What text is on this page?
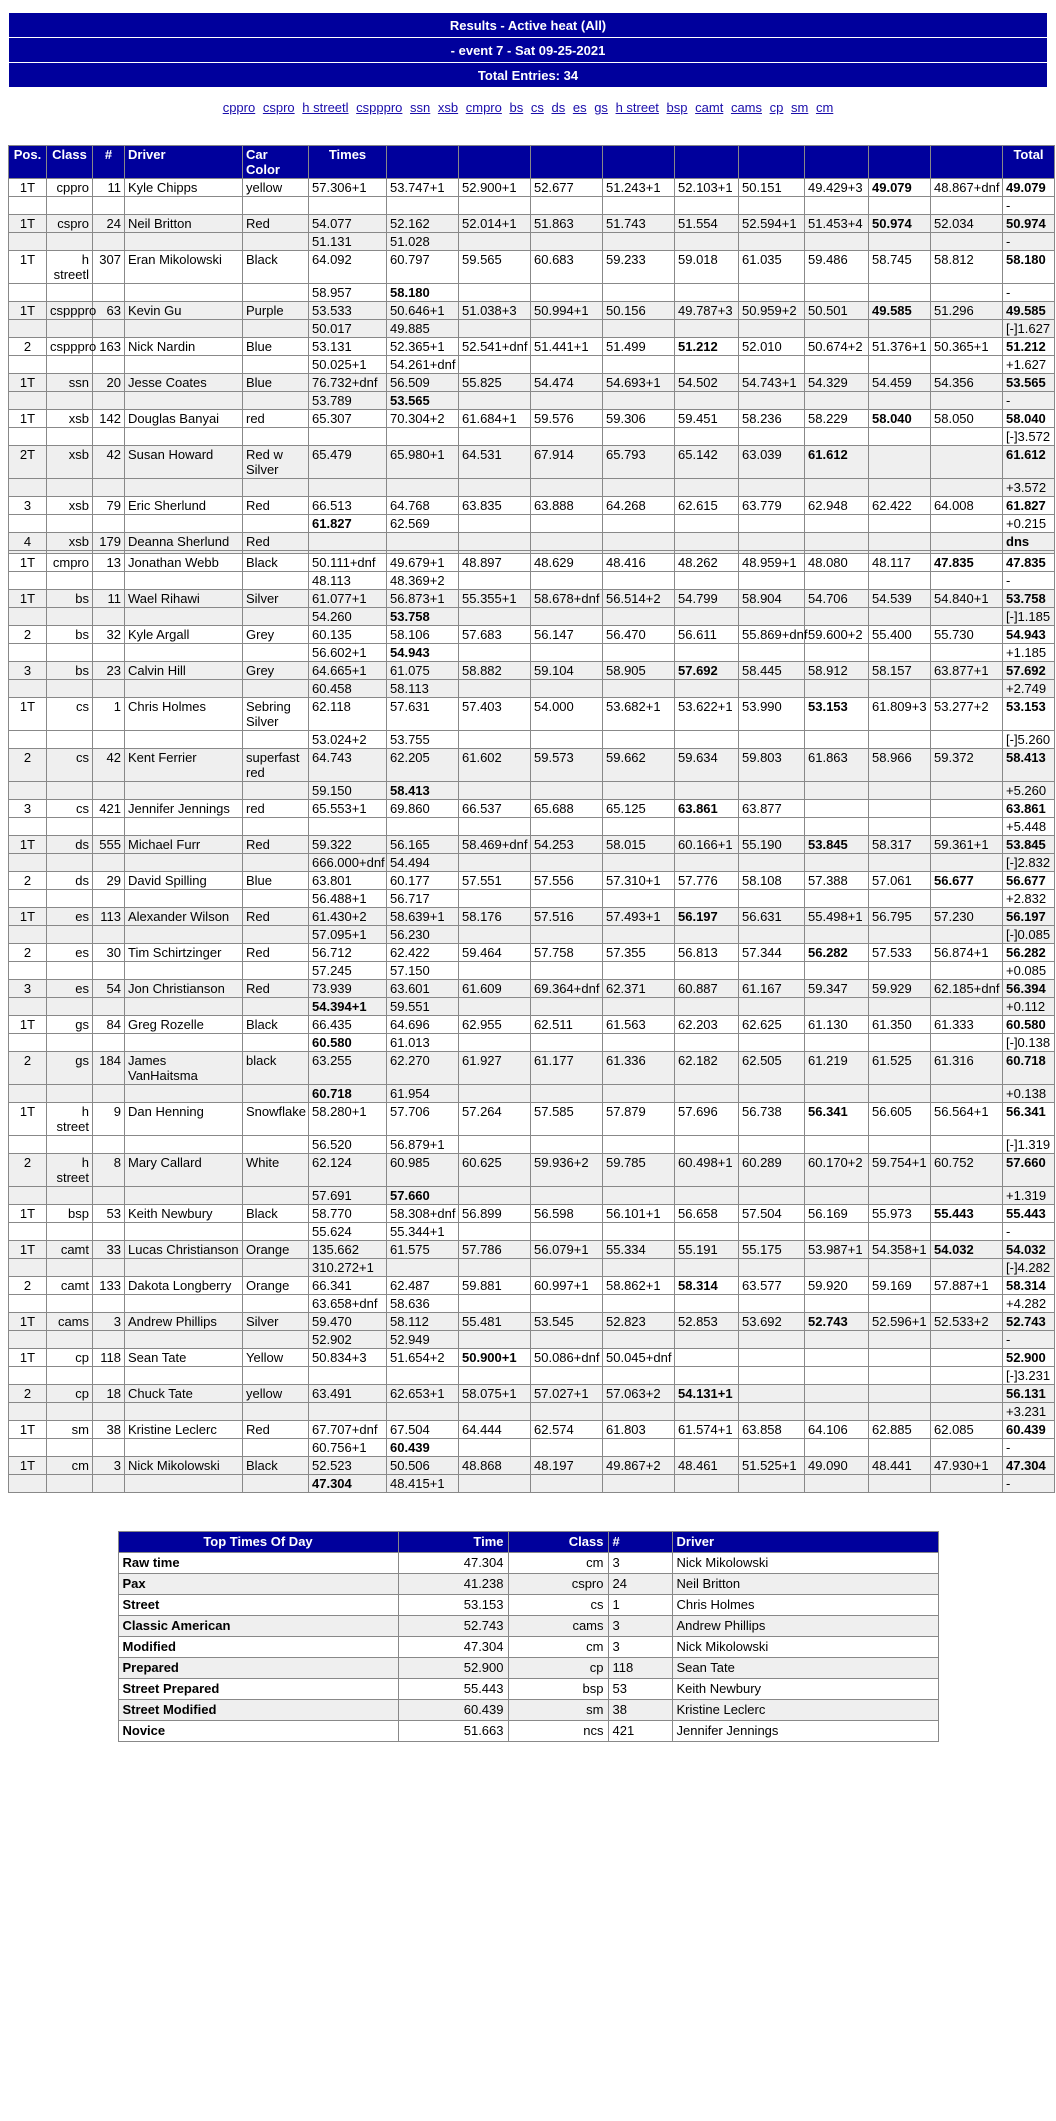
Results - Active heat (All)
- event 7 - Sat 09-25-2021
Total Entries: 34
cppro cspro h streetl cspppro ssn xsb cmpro bs cs ds es gs h street bsp camt cams cp sm cm
Pos.	Class	#	Driver	Car Color	Times										Total
1T	cppro	11	Kyle Chipps	yellow	57.306+1	53.747+1	52.900+1	52.677	51.243+1	52.103+1	50.151	49.429+3	49.079	48.867+dnf	49.079
															-
1T	cspro	24	Neil Britton	Red	54.077	52.162	52.014+1	51.863	51.743	51.554	52.594+1	51.453+4	50.974	52.034	50.974
					51.131	51.028									-
1T	h streetl	307	Eran Mikolowski	Black	64.092	60.797	59.565	60.683	59.233	59.018	61.035	59.486	58.745	58.812	58.180
					58.957	58.180									-
1T	cspppro	63	Kevin Gu	Purple	53.533	50.646+1	51.038+3	50.994+1	50.156	49.787+3	50.959+2	50.501	49.585	51.296	49.585
					50.017	49.885									[-]1.627
2	cspppro	163	Nick Nardin	Blue	53.131	52.365+1	52.541+dnf	51.441+1	51.499	51.212	52.010	50.674+2	51.376+1	50.365+1	51.212
					50.025+1	54.261+dnf									+1.627
1T	ssn	20	Jesse Coates	Blue	76.732+dnf	56.509	55.825	54.474	54.693+1	54.502	54.743+1	54.329	54.459	54.356	53.565
					53.789	53.565									-
1T	xsb	142	Douglas Banyai	red	65.307	70.304+2	61.684+1	59.576	59.306	59.451	58.236	58.229	58.040	58.050	58.040
															[-]3.572
2T	xsb	42	Susan Howard	Red w Silver	65.479	65.980+1	64.531	67.914	65.793	65.142	63.039	61.612			61.612
															+3.572
3	xsb	79	Eric Sherlund	Red	66.513	64.768	63.835	63.888	64.268	62.615	63.779	62.948	62.422	64.008	61.827
					61.827	62.569									+0.215
4	xsb	179	Deanna Sherlund	Red											dns

1T	cmpro	13	Jonathan Webb	Black	50.111+dnf	49.679+1	48.897	48.629	48.416	48.262	48.959+1	48.080	48.117	47.835	47.835
					48.113	48.369+2									-
1T	bs	11	Wael Rihawi	Silver	61.077+1	56.873+1	55.355+1	58.678+dnf	56.514+2	54.799	58.904	54.706	54.539	54.840+1	53.758
					54.260	53.758									[-]1.185
2	bs	32	Kyle Argall	Grey	60.135	58.106	57.683	56.147	56.470	56.611	55.869+dnf	59.600+2	55.400	55.730	54.943
					56.602+1	54.943									+1.185
3	bs	23	Calvin Hill	Grey	64.665+1	61.075	58.882	59.104	58.905	57.692	58.445	58.912	58.157	63.877+1	57.692
					60.458	58.113									+2.749
1T	cs	1	Chris Holmes	Sebring Silver	62.118	57.631	57.403	54.000	53.682+1	53.622+1	53.990	53.153	61.809+3	53.277+2	53.153
					53.024+2	53.755									[-]5.260
2	cs	42	Kent Ferrier	superfast red	64.743	62.205	61.602	59.573	59.662	59.634	59.803	61.863	58.966	59.372	58.413
					59.150	58.413									+5.260
3	cs	421	Jennifer Jennings	red	65.553+1	69.860	66.537	65.688	65.125	63.861	63.877				63.861
															+5.448
1T	ds	555	Michael Furr	Red	59.322	56.165	58.469+dnf	54.253	58.015	60.166+1	55.190	53.845	58.317	59.361+1	53.845
					666.000+dnf	54.494									[-]2.832
2	ds	29	David Spilling	Blue	63.801	60.177	57.551	57.556	57.310+1	57.776	58.108	57.388	57.061	56.677	56.677
					56.488+1	56.717									+2.832
1T	es	113	Alexander Wilson	Red	61.430+2	58.639+1	58.176	57.516	57.493+1	56.197	56.631	55.498+1	56.795	57.230	56.197
					57.095+1	56.230									[-]0.085
2	es	30	Tim Schirtzinger	Red	56.712	62.422	59.464	57.758	57.355	56.813	57.344	56.282	57.533	56.874+1	56.282
					57.245	57.150									+0.085
3	es	54	Jon Christianson	Red	73.939	63.601	61.609	69.364+dnf	62.371	60.887	61.167	59.347	59.929	62.185+dnf	56.394
					54.394+1	59.551									+0.112
1T	gs	84	Greg Rozelle	Black	66.435	64.696	62.955	62.511	61.563	62.203	62.625	61.130	61.350	61.333	60.580
					60.580	61.013									[-]0.138
2	gs	184	James VanHaitsma	black	63.255	62.270	61.927	61.177	61.336	62.182	62.505	61.219	61.525	61.316	60.718
					60.718	61.954									+0.138
1T	h street	9	Dan Henning	Snowflake	58.280+1	57.706	57.264	57.585	57.879	57.696	56.738	56.341	56.605	56.564+1	56.341
					56.520	56.879+1									[-]1.319
2	h street	8	Mary Callard	White	62.124	60.985	60.625	59.936+2	59.785	60.498+1	60.289	60.170+2	59.754+1	60.752	57.660
					57.691	57.660									+1.319
1T	bsp	53	Keith Newbury	Black	58.770	58.308+dnf	56.899	56.598	56.101+1	56.658	57.504	56.169	55.973	55.443	55.443
					55.624	55.344+1									-
1T	camt	33	Lucas Christianson	Orange	135.662	61.575	57.786	56.079+1	55.334	55.191	55.175	53.987+1	54.358+1	54.032	54.032
					310.272+1										[-]4.282
2	camt	133	Dakota Longberry	Orange	66.341	62.487	59.881	60.997+1	58.862+1	58.314	63.577	59.920	59.169	57.887+1	58.314
					63.658+dnf	58.636									+4.282
1T	cams	3	Andrew Phillips	Silver	59.470	58.112	55.481	53.545	52.823	52.853	53.692	52.743	52.596+1	52.533+2	52.743
					52.902	52.949									-
1T	cp	118	Sean Tate	Yellow	50.834+3	51.654+2	50.900+1	50.086+dnf	50.045+dnf						52.900
															[-]3.231
2	cp	18	Chuck Tate	yellow	63.491	62.653+1	58.075+1	57.027+1	57.063+2	54.131+1					56.131
															+3.231
1T	sm	38	Kristine Leclerc	Red	67.707+dnf	67.504	64.444	62.574	61.803	61.574+1	63.858	64.106	62.885	62.085	60.439
					60.756+1	60.439									-
1T	cm	3	Nick Mikolowski	Black	52.523	50.506	48.868	48.197	49.867+2	48.461	51.525+1	49.090	48.441	47.930+1	47.304
					47.304	48.415+1									-
Top Times Of Day	Time	Class	#	Driver
Raw time	47.304	cm	3	Nick Mikolowski
Pax	41.238	cspro	24	Neil Britton
Street	53.153	cs	1	Chris Holmes
Classic American	52.743	cams	3	Andrew Phillips
Modified	47.304	cm	3	Nick Mikolowski
Prepared	52.900	cp	118	Sean Tate
Street Prepared	55.443	bsp	53	Keith Newbury
Street Modified	60.439	sm	38	Kristine Leclerc
Novice	51.663	ncs	421	Jennifer Jennings
